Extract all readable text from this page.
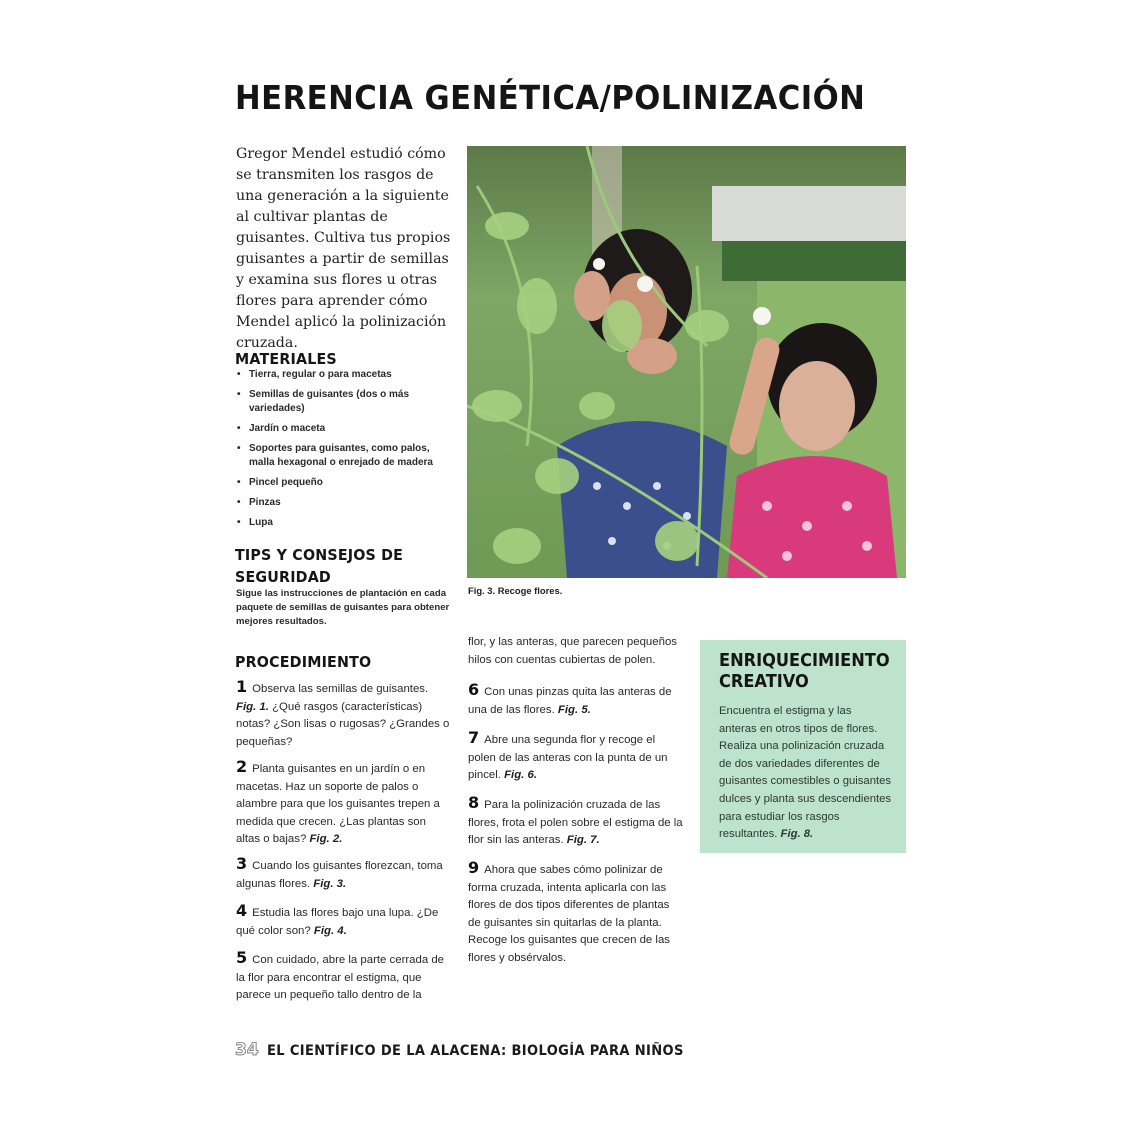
HERENCIA GENÉTICA/POLINIZACIÓN
Gregor Mendel estudió cómo se transmiten los rasgos de una generación a la siguiente al cultivar plantas de guisantes. Cultiva tus propios guisantes a partir de semillas y examina sus flores u otras flores para aprender cómo Mendel aplicó la polinización cruzada.
MATERIALES
• Tierra, regular o para macetas
• Semillas de guisantes (dos o más variedades)
• Jardín o maceta
• Soportes para guisantes, como palos, malla hexagonal o enrejado de madera
• Pincel pequeño
• Pinzas
• Lupa
TIPS Y CONSEJOS DE SEGURIDAD
Sigue las instrucciones de plantación en cada paquete de semillas de guisantes para obtener mejores resultados.
PROCEDIMIENTO
1 Observa las semillas de guisantes. Fig. 1. ¿Qué rasgos (características) notas? ¿Son lisas o rugosas? ¿Grandes o pequeñas?
2 Planta guisantes en un jardín o en macetas. Haz un soporte de palos o alambre para que los guisantes trepen a medida que crecen. ¿Las plantas son altas o bajas? Fig. 2.
3 Cuando los guisantes florezcan, toma algunas flores. Fig. 3.
4 Estudia las flores bajo una lupa. ¿De qué color son? Fig. 4.
5 Con cuidado, abre la parte cerrada de la flor para encontrar el estigma, que parece un pequeño tallo dentro de la
Fig. 3. Recoge flores.
flor, y las anteras, que parecen pequeños hilos con cuentas cubiertas de polen.
6 Con unas pinzas quita las anteras de una de las flores. Fig. 5.
7 Abre una segunda flor y recoge el polen de las anteras con la punta de un pincel. Fig. 6.
8 Para la polinización cruzada de las flores, frota el polen sobre el estigma de la flor sin las anteras. Fig. 7.
9 Ahora que sabes cómo polinizar de forma cruzada, intenta aplicarla con las flores de dos tipos diferentes de plantas de guisantes sin quitarlas de la planta. Recoge los guisantes que crecen de las flores y obsérvalos.
ENRIQUECIMIENTO CREATIVO
Encuentra el estigma y las anteras en otros tipos de flores. Realiza una polinización cruzada de dos variedades diferentes de guisantes comestibles o guisantes dulces y planta sus descendientes para estudiar los rasgos resultantes. Fig. 8.
34 EL CIENTÍFICO DE LA ALACENA: BIOLOGÍA PARA NIÑOS
